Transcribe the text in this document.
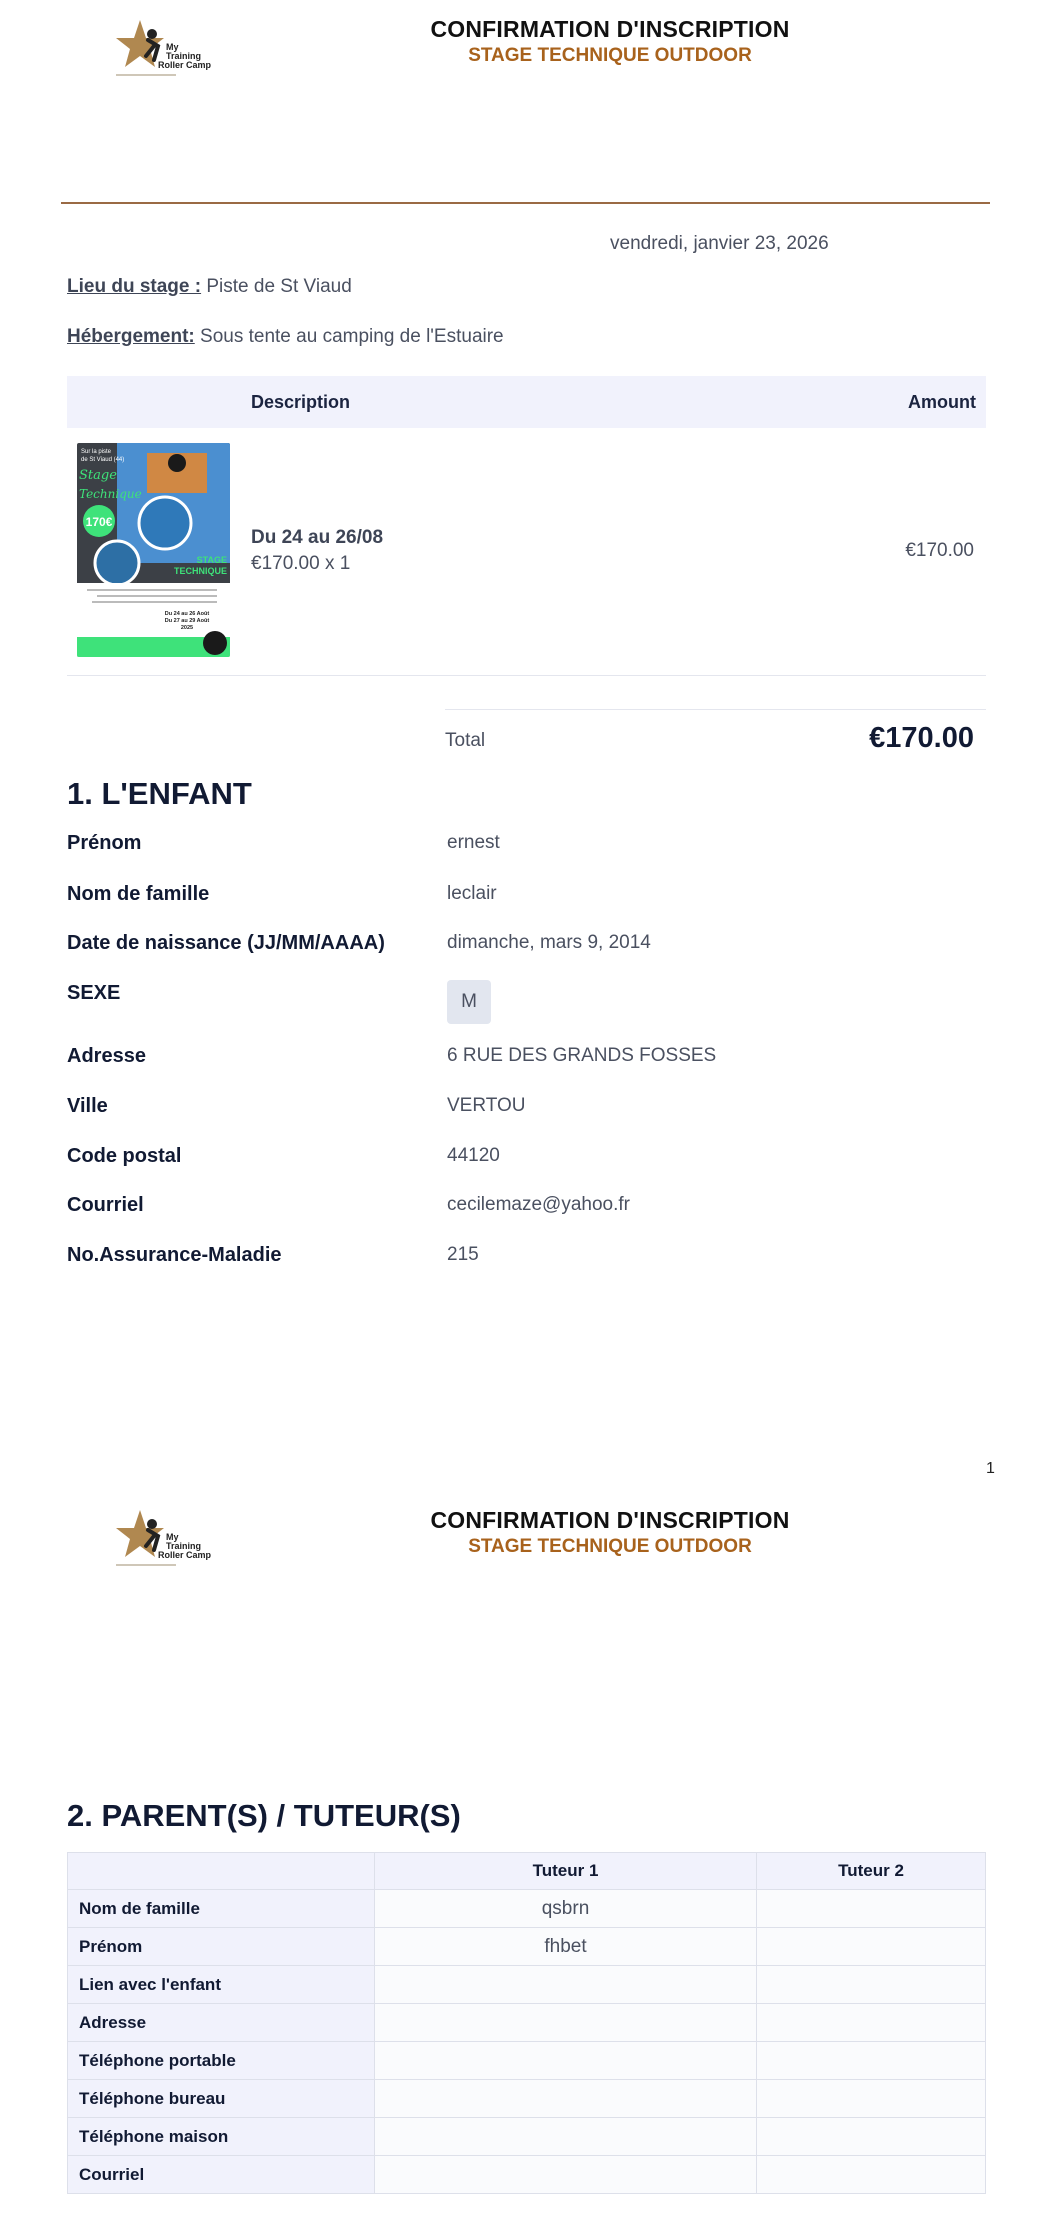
My
Training
Roller Camp
CONFIRMATION D'INSCRIPTION
STAGE TECHNIQUE OUTDOOR
vendredi, janvier 23, 2026
Lieu du stage : Piste de St Viaud
Hébergement: Sous tente au camping de l'Estuaire
Description	Amount
170€
Sur la piste
de St Viaud (44)
Stage
Technique
STAGE
TECHNIQUE
Du 24 au 26 Août
Du 27 au 29 Août
2025
Du 24 au 26/08
€170.00 x 1
€170.00
Total	€170.00
1. L'ENFANT
Prénom	ernest
Nom de famille	leclair
Date de naissance (JJ/MM/AAAA)	dimanche, mars 9, 2014
SEXE	M
Adresse	6 RUE DES GRANDS FOSSES
Ville	VERTOU
Code postal	44120
Courriel	cecilemaze@yahoo.fr
No.Assurance-Maladie	215
1
My
Training
Roller Camp
CONFIRMATION D'INSCRIPTION
STAGE TECHNIQUE OUTDOOR
2. PARENT(S) / TUTEUR(S)
	Tuteur 1	Tuteur 2
Nom de famille	qsbrn	
Prénom	fhbet	
Lien avec l'enfant		
Adresse		
Téléphone portable		
Téléphone bureau		
Téléphone maison		
Courriel		
